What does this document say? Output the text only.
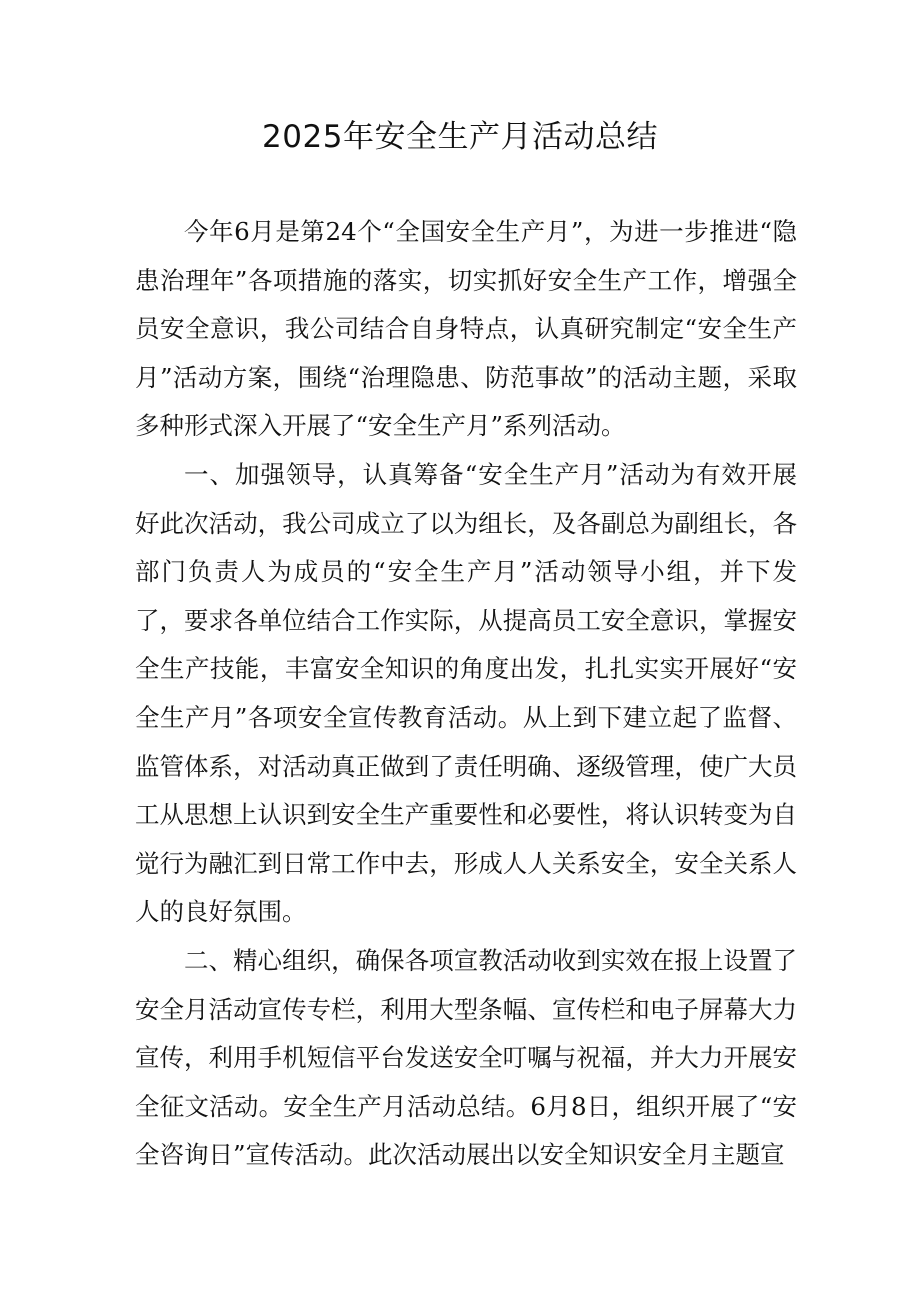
2025年安全生产月活动总结

今年6月是第24个“全国安全生产月”，为进一步推进“隐患治理年”各项措施的落实，切实抓好安全生产工作，增强全员安全意识，我公司结合自身特点，认真研究制定“安全生产月”活动方案，围绕“治理隐患、防范事故”的活动主题，采取多种形式深入开展了“安全生产月”系列活动。

一、加强领导，认真筹备“安全生产月”活动为有效开展好此次活动，我公司成立了以为组长，及各副总为副组长，各部门负责人为成员的“安全生产月”活动领导小组，并下发了，要求各单位结合工作实际，从提高员工安全意识，掌握安全生产技能，丰富安全知识的角度出发，扎扎实实开展好“安全生产月”各项安全宣传教育活动。从上到下建立起了监督、监管体系，对活动真正做到了责任明确、逐级管理，使广大员工从思想上认识到安全生产重要性和必要性，将认识转变为自觉行为融汇到日常工作中去，形成人人关系安全，安全关系人人的良好氛围。

二、精心组织，确保各项宣教活动收到实效在报上设置了安全月活动宣传专栏，利用大型条幅、宣传栏和电子屏幕大力宣传，利用手机短信平台发送安全叮嘱与祝福，并大力开展安全征文活动。安全生产月活动总结。6月8日，组织开展了“安全咨询日”宣传活动。此次活动展出以安全知识安全月主题宣
